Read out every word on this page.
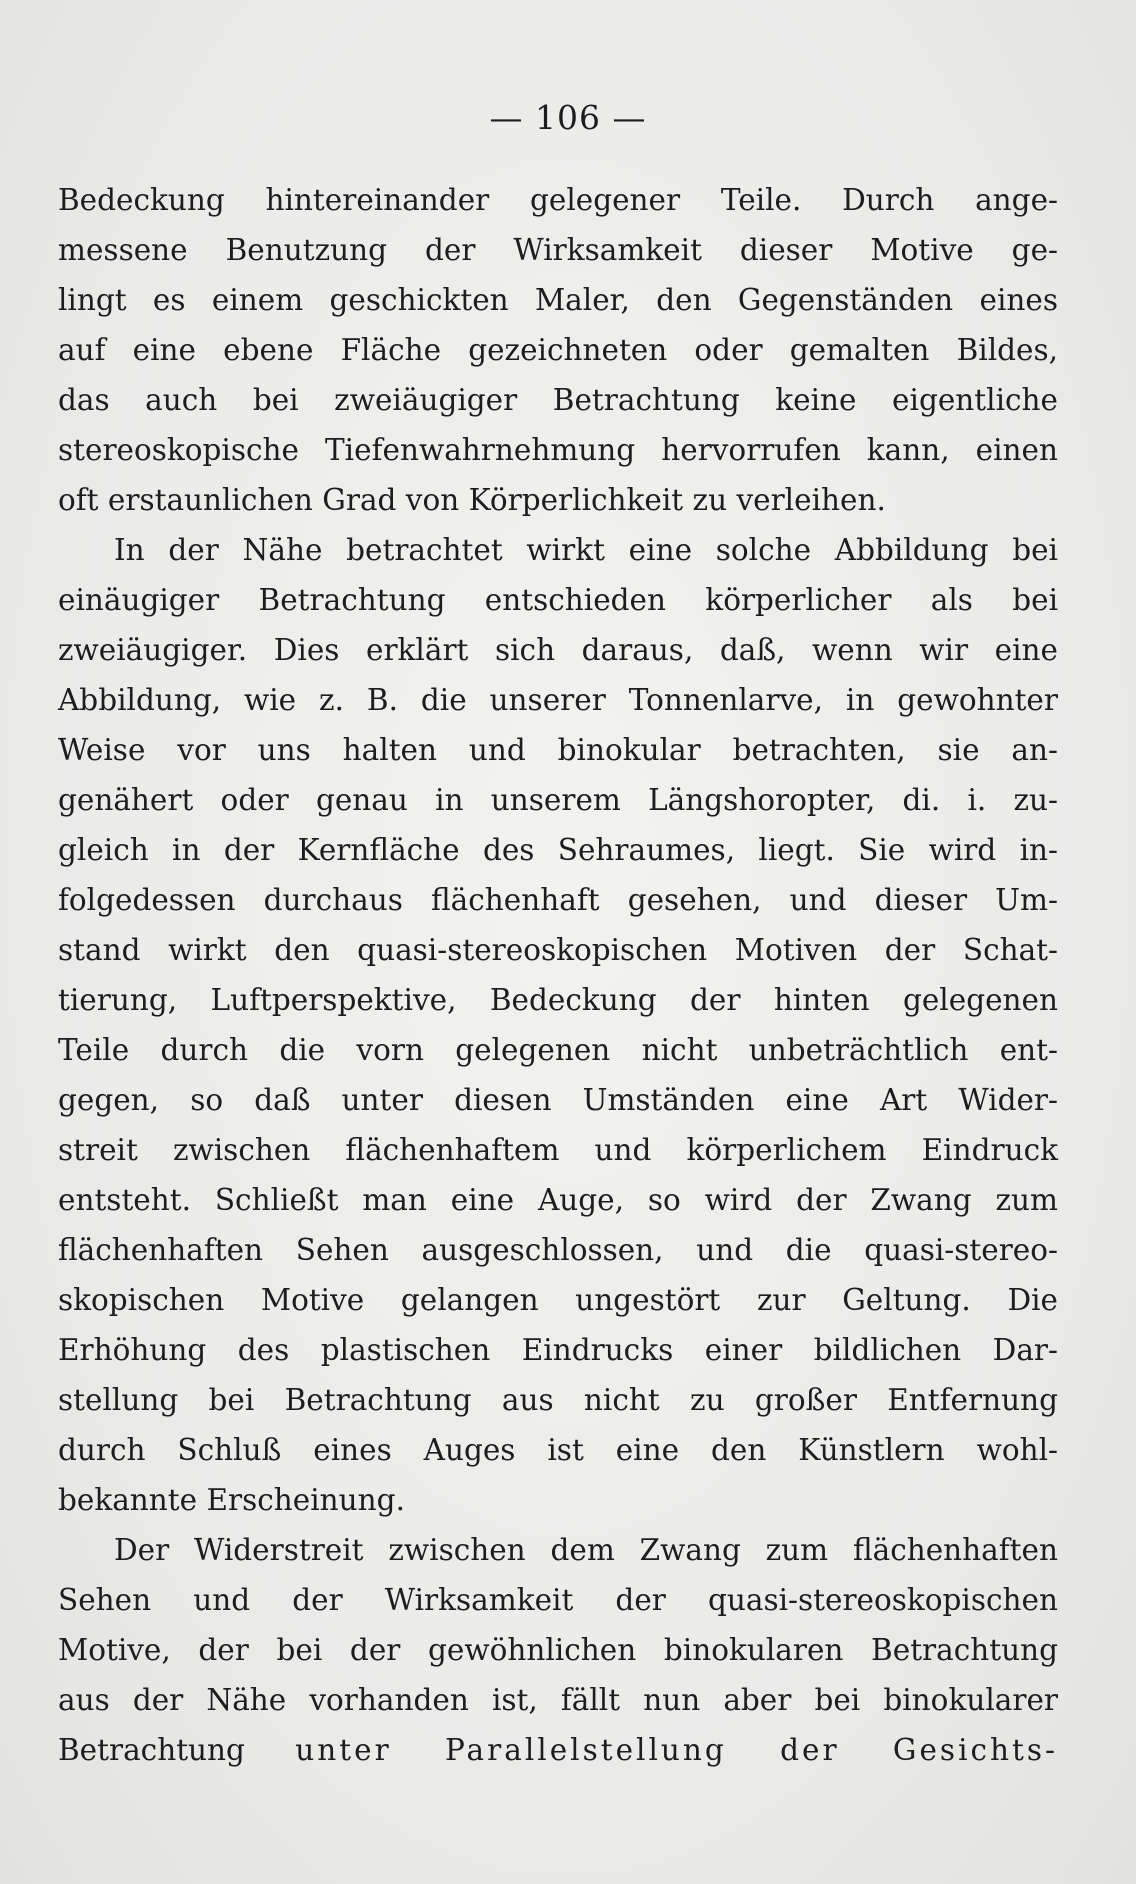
— 106 —
Bedeckung hintereinander gelegener Teile. Durch ange-
messene Benutzung der Wirksamkeit dieser Motive ge-
lingt es einem geschickten Maler, den Gegenständen eines
auf eine ebene Fläche gezeichneten oder gemalten Bildes,
das auch bei zweiäugiger Betrachtung keine eigentliche
stereoskopische Tiefenwahrnehmung hervorrufen kann, einen
oft erstaunlichen Grad von Körperlichkeit zu verleihen.
In der Nähe betrachtet wirkt eine solche Abbildung bei
einäugiger Betrachtung entschieden körperlicher als bei
zweiäugiger. Dies erklärt sich daraus, daß, wenn wir eine
Abbildung, wie z. B. die unserer Tonnenlarve, in gewohnter
Weise vor uns halten und binokular betrachten, sie an-
genähert oder genau in unserem Längshoropter, di. i. zu-
gleich in der Kernfläche des Sehraumes, liegt. Sie wird in-
folgedessen durchaus flächenhaft gesehen, und dieser Um-
stand wirkt den quasi-stereoskopischen Motiven der Schat-
tierung, Luftperspektive, Bedeckung der hinten gelegenen
Teile durch die vorn gelegenen nicht unbeträchtlich ent-
gegen, so daß unter diesen Umständen eine Art Wider-
streit zwischen flächenhaftem und körperlichem Eindruck
entsteht. Schließt man eine Auge, so wird der Zwang zum
flächenhaften Sehen ausgeschlossen, und die quasi-stereo-
skopischen Motive gelangen ungestört zur Geltung. Die
Erhöhung des plastischen Eindrucks einer bildlichen Dar-
stellung bei Betrachtung aus nicht zu großer Entfernung
durch Schluß eines Auges ist eine den Künstlern wohl-
bekannte Erscheinung.
Der Widerstreit zwischen dem Zwang zum flächenhaften
Sehen und der Wirksamkeit der quasi-stereoskopischen
Motive, der bei der gewöhnlichen binokularen Betrachtung
aus der Nähe vorhanden ist, fällt nun aber bei binokularer
Betrachtung unter Parallelstellung der Gesichts-
